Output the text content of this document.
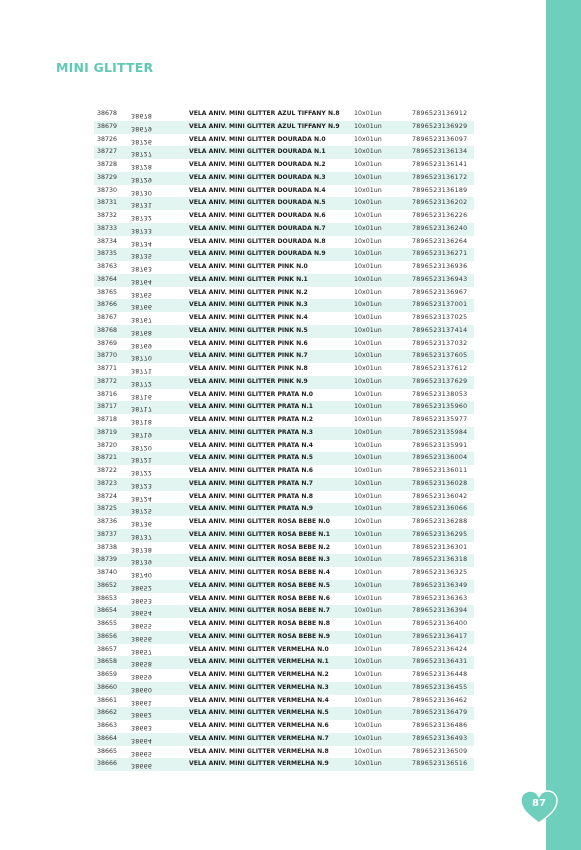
MINI GLITTER
38678 38678	VELA ANIV. MINI GLITTER AZUL TIFFANY N.8 10x01un	7896523136912
38679 38679	VELA ANIV. MINI GLITTER AZUL TIFFANY N.9 10x01un	7896523136929
38726 38726	VELA ANIV. MINI GLITTER DOURADA N.0	10x01un	7896523136097
38727 38727	VELA ANIV. MINI GLITTER DOURADA N.1	10x01un	7896523136134
38728 38728	VELA ANIV. MINI GLITTER DOURADA N.2	10x01un	7896523136141
38729 38729	VELA ANIV. MINI GLITTER DOURADA N.3	10x01un	7896523136172
38730 38730	VELA ANIV. MINI GLITTER DOURADA N.4	10x01un	7896523136189
38731 38731	VELA ANIV. MINI GLITTER DOURADA N.5	10x01un	7896523136202
38732 38732	VELA ANIV. MINI GLITTER DOURADA N.6	10x01un	7896523136226
38733 38733	VELA ANIV. MINI GLITTER DOURADA N.7	10x01un	7896523136240
38734 38734	VELA ANIV. MINI GLITTER DOURADA N.8	10x01un	7896523136264
38735 38735	VELA ANIV. MINI GLITTER DOURADA N.9	10x01un	7896523136271
38763 38763	VELA ANIV. MINI GLITTER PINK N.0	10x01un	7896523136936
38764 38764	VELA ANIV. MINI GLITTER PINK N.1	10x01un	7896523136943
38765 38765	VELA ANIV. MINI GLITTER PINK N.2	10x01un	7896523136967
38766 38766	VELA ANIV. MINI GLITTER PINK N.3	10x01un	7896523137001
38767 38767	VELA ANIV. MINI GLITTER PINK N.4	10x01un	7896523137025
38768 38768	VELA ANIV. MINI GLITTER PINK N.5	10x01un	7896523137414
38769 38769	VELA ANIV. MINI GLITTER PINK N.6	10x01un	7896523137032
38770 38770	VELA ANIV. MINI GLITTER PINK N.7	10x01un	7896523137605
38771 38771	VELA ANIV. MINI GLITTER PINK N.8	10x01un	7896523137612
38772 38772	VELA ANIV. MINI GLITTER PINK N.9	10x01un	7896523137629
38716 38716	VELA ANIV. MINI GLITTER PRATA N.0	10x01un	7896523138053
38717 38717	VELA ANIV. MINI GLITTER PRATA N.1	10x01un	7896523135960
38718 38718	VELA ANIV. MINI GLITTER PRATA N.2	10x01un	7896523135977
38719 38719	VELA ANIV. MINI GLITTER PRATA N.3	10x01un	7896523135984
38720 38720	VELA ANIV. MINI GLITTER PRATA N.4	10x01un	7896523135991
38721 38721	VELA ANIV. MINI GLITTER PRATA N.5	10x01un	7896523136004
38722 38722	VELA ANIV. MINI GLITTER PRATA N.6	10x01un	7896523136011
38723 38723	VELA ANIV. MINI GLITTER PRATA N.7	10x01un	7896523136028
38724 38724	VELA ANIV. MINI GLITTER PRATA N.8	10x01un	7896523136042
38725 38725	VELA ANIV. MINI GLITTER PRATA N.9	10x01un	7896523136066
38736 38736	VELA ANIV. MINI GLITTER ROSA BEBE N.0	10x01un	7896523136288
38737 38737	VELA ANIV. MINI GLITTER ROSA BEBE N.1	10x01un	7896523136295
38738 38738	VELA ANIV. MINI GLITTER ROSA BEBE N.2	10x01un	7896523136301
38739 38739	VELA ANIV. MINI GLITTER ROSA BEBE N.3	10x01un	7896523136318
38740 38740	VELA ANIV. MINI GLITTER ROSA BEBE N.4	10x01un	7896523136325
38652 38652	VELA ANIV. MINI GLITTER ROSA BEBE N.5	10x01un	7896523136349
38653 38653	VELA ANIV. MINI GLITTER ROSA BEBE N.6	10x01un	7896523136363
38654 38654	VELA ANIV. MINI GLITTER ROSA BEBE N.7	10x01un	7896523136394
38655 38655	VELA ANIV. MINI GLITTER ROSA BEBE N.8	10x01un	7896523136400
38656 38656	VELA ANIV. MINI GLITTER ROSA BEBE N.9	10x01un	7896523136417
38657 38657	VELA ANIV. MINI GLITTER VERMELHA N.0	10x01un	7896523136424
38658 38658	VELA ANIV. MINI GLITTER VERMELHA N.1	10x01un	7896523136431
38659 38659	VELA ANIV. MINI GLITTER VERMELHA N.2	10x01un	7896523136448
38660 38660	VELA ANIV. MINI GLITTER VERMELHA N.3	10x01un	7896523136455
38661 38661	VELA ANIV. MINI GLITTER VERMELHA N.4	10x01un	7896523136462
38662 38662	VELA ANIV. MINI GLITTER VERMELHA N.5	10x01un	7896523136479
38663 38663	VELA ANIV. MINI GLITTER VERMELHA N.6	10x01un	7896523136486
38664 38664	VELA ANIV. MINI GLITTER VERMELHA N.7	10x01un	7896523136493
38665 38665	VELA ANIV. MINI GLITTER VERMELHA N.8	10x01un	7896523136509
38666 38666	VELA ANIV. MINI GLITTER VERMELHA N.9	10x01un	7896523136516
87
